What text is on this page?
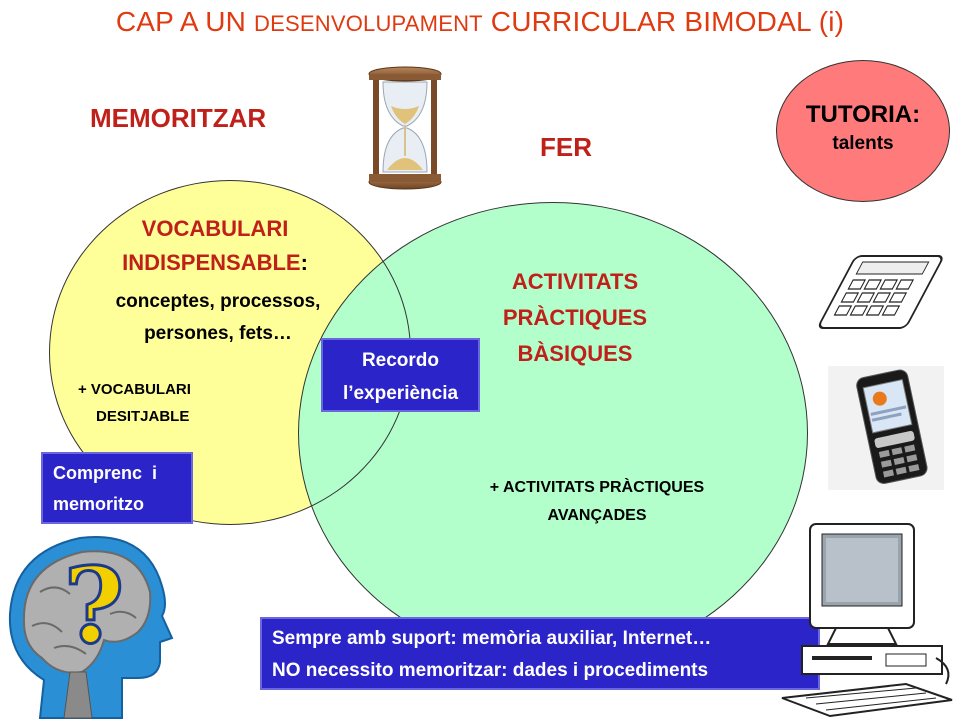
CAP A UN DESENVOLUPAMENT CURRICULAR BIMODAL (i)
MEMORITZAR
FER
TUTORIA:
talents
VOCABULARI
INDISPENSABLE:
conceptes, processos,
persones, fets…
+ VOCABULARI
DESITJABLE
ACTIVITATS
PRÀCTIQUES
BÀSIQUES
+ ACTIVITATS PRÀCTIQUES
AVANÇADES
Recordo
l’experiència
Comprenc  i
memoritzo
Sempre amb suport: memòria auxiliar, Internet…
NO necessito memoritzar: dades i procediments
?
